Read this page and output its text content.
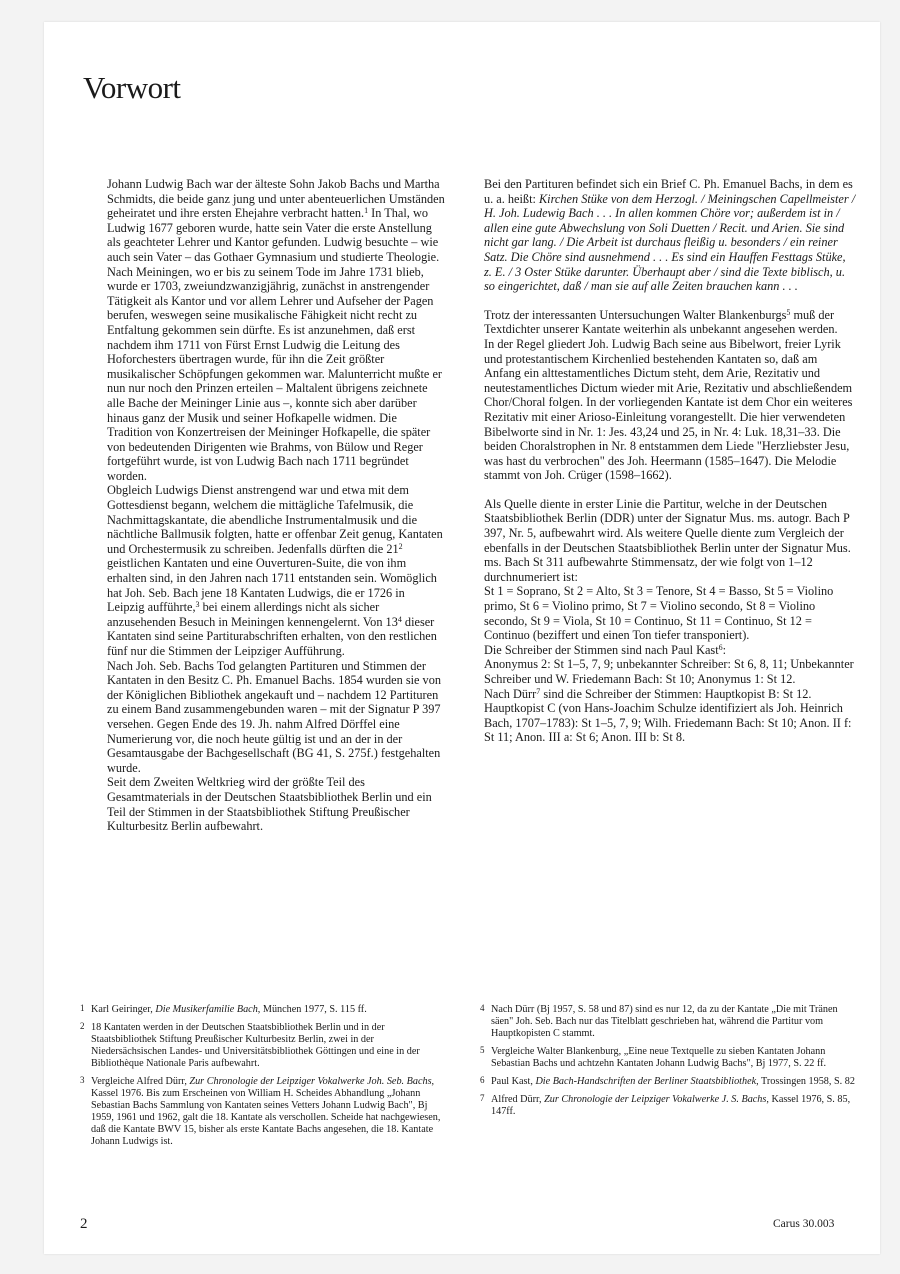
Vorwort

Johann Ludwig Bach war der älteste Sohn Jakob Bachs und Martha Schmidts, die beide ganz jung und unter abenteuerlichen Umständen geheiratet und ihre ersten Ehejahre verbracht hatten.$^1$ In Thal, wo Ludwig 1677 geboren wurde, hatte sein Vater die erste Anstellung als geachteter Lehrer und Kantor gefunden. Ludwig besuchte – wie auch sein Vater – das Gothaer Gymnasium und studierte Theologie. Nach Meiningen, wo er bis zu seinem Tode im Jahre 1731 blieb, wurde er 1703, zweiundzwanzigjährig, zunächst in anstrengender Tätigkeit als Kantor und vor allem Lehrer und Aufseher der Pagen berufen, weswegen seine musikalische Fähigkeit nicht recht zu Entfaltung gekommen sein dürfte. Es ist anzunehmen, daß erst nachdem ihm 1711 von Fürst Ernst Ludwig die Leitung des Hoforchesters übertragen wurde, für ihn die Zeit größter musikalischer Schöpfungen gekommen war. Malunterricht mußte er nun nur noch den Prinzen erteilen – Maltalent übrigens zeichnete alle Bache der Meininger Linie aus –, konnte sich aber darüber hinaus ganz der Musik und seiner Hofkapelle widmen. Die Tradition von Konzertreisen der Meininger Hofkapelle, die später von bedeutenden Dirigenten wie Brahms, von Bülow und Reger fortgeführt wurde, ist von Ludwig Bach nach 1711 begründet worden.

Obgleich Ludwigs Dienst anstrengend war und etwa mit dem Gottesdienst begann, welchem die mittägliche Tafelmusik, die Nachmittagskantate, die abendliche Instrumentalmusik und die nächtliche Ballmusik folgten, hatte er offenbar Zeit genug, Kantaten und Orchestermusik zu schreiben. Jedenfalls dürften die $21^2$ geistlichen Kantaten und eine Ouverturen-Suite, die von ihm erhalten sind, in den Jahren nach 1711 entstanden sein. Womöglich hat Joh. Seb. Bach jene 18 Kantaten Ludwigs, die er 1726 in Leipzig aufführte,$^3$ bei einem allerdings nicht als sicher anzusehenden Besuch in Meiningen kennengelernt. Von $13^4$ dieser Kantaten sind seine Partiturabschriften erhalten, von den restlichen fünf nur die Stimmen der Leipziger Aufführung.

Nach Joh. Seb. Bachs Tod gelangten Partituren und Stimmen der Kantaten in den Besitz C. Ph. Emanuel Bachs. 1854 wurden sie von der Königlichen Bibliothek angekauft und – nachdem 12 Partituren zu einem Band zusammengebunden waren – mit der Signatur P 397 versehen. Gegen Ende des 19. Jh. nahm Alfred Dörffel eine Numerierung vor, die noch heute gültig ist und an der in der Gesamtausgabe der Bachgesellschaft (BG 41, S. 275f.) festgehalten wurde.

Seit dem Zweiten Weltkrieg wird der größte Teil des Gesamtmaterials in der Deutschen Staatsbibliothek Berlin und ein Teil der Stimmen in der Staatsbibliothek Stiftung Preußischer Kulturbesitz Berlin aufbewahrt.

Bei den Partituren befindet sich ein Brief C. Ph. Emanuel Bachs, in dem es u. a. heißt: Kirchen Stüke von dem Herzogl. / Meiningschen Capellmeister / H. Joh. Ludewig Bach . . . In allen kommen Chöre vor; außerdem ist in / allen eine gute Abwechslung von Soli Duetten / Recit. und Arien. Sie sind nicht gar lang. / Die Arbeit ist durchaus fleißig u. besonders / ein reiner Satz. Die Chöre sind ausnehmend . . . Es sind ein Hauffen Festtags Stüke, z. E. / 3 Oster Stüke darunter. Überhaupt aber / sind die Texte biblisch, u. so eingerichtet, daß / man sie auf alle Zeiten brauchen kann . . .

Trotz der interessanten Untersuchungen Walter Blankenburgs$^5$ muß der Textdichter unserer Kantate weiterhin als unbekannt angesehen werden.

In der Regel gliedert Joh. Ludwig Bach seine aus Bibelwort, freier Lyrik und protestantischem Kirchenlied bestehenden Kantaten so, daß am Anfang ein alttestamentliches Dictum steht, dem Arie, Rezitativ und neutestamentliches Dictum wieder mit Arie, Rezitativ und abschließendem Chor/Choral folgen. In der vorliegenden Kantate ist dem Chor ein weiteres Rezitativ mit einer Arioso-Einleitung vorangestellt. Die hier verwendeten Bibelworte sind in Nr. 1: Jes. 43,24 und 25, in Nr. 4: Luk. 18,31–33. Die beiden Choralstrophen in Nr. 8 entstammen dem Liede "Herzliebster Jesu, was hast du verbrochen" des Joh. Heermann (1585–1647). Die Melodie stammt von Joh. Crüger (1598–1662).

Als Quelle diente in erster Linie die Partitur, welche in der Deutschen Staatsbibliothek Berlin (DDR) unter der Signatur Mus. ms. autogr. Bach P 397, Nr. 5, aufbewahrt wird. Als weitere Quelle diente zum Vergleich der ebenfalls in der Deutschen Staatsbibliothek Berlin unter der Signatur Mus. ms. Bach St 311 aufbewahrte Stimmensatz, der wie folgt von 1–12 durchnumeriert ist:

St 1 = Soprano, St 2 = Alto, St 3 = Tenore, St 4 = Basso, St 5 = Violino primo, St 6 = Violino primo, St 7 = Violino secondo, St 8 = Violino secondo, St 9 = Viola, St 10 = Continuo, St 11 = Continuo, St 12 = Continuo (beziffert und einen Ton tiefer transponiert).

Die Schreiber der Stimmen sind nach Paul Kast$^6$:

Anonymus 2: St 1–5, 7, 9; unbekannter Schreiber: St 6, 8, 11; Unbekannter Schreiber und W. Friedemann Bach: St 10; Anonymus 1: St 12.

Nach Dürr$^7$ sind die Schreiber der Stimmen: Hauptkopist B: St 12. Hauptkopist C (von Hans-Joachim Schulze identifiziert als Joh. Heinrich Bach, 1707–1783): St 1–5, 7, 9; Wilh. Friedemann Bach: St 10; Anon. II f: St 11; Anon. III a: St 6; Anon. III b: St 8.

1 Karl Geiringer, Die Musikerfamilie Bach, München 1977, S. 115 ff.
2 18 Kantaten werden in der Deutschen Staatsbibliothek Berlin und in der Staatsbibliothek Stiftung Preußischer Kulturbesitz Berlin, zwei in der Niedersächsischen Landes- und Universitätsbibliothek Göttingen und eine in der Bibliothèque Nationale Paris aufbewahrt.
3 Vergleiche Alfred Dürr, Zur Chronologie der Leipziger Vokalwerke Joh. Seb. Bachs, Kassel 1976. Bis zum Erscheinen von William H. Scheides Abhandlung „Johann Sebastian Bachs Sammlung von Kantaten seines Vetters Johann Ludwig Bach", Bj 1959, 1961 und 1962, galt die 18. Kantate als verschollen. Scheide hat nachgewiesen, daß die Kantate BWV 15, bisher als erste Kantate Bachs angesehen, die 18. Kantate Johann Ludwigs ist.
4 Nach Dürr (Bj 1957, S. 58 und 87) sind es nur 12, da zu der Kantate „Die mit Tränen säen" Joh. Seb. Bach nur das Titelblatt geschrieben hat, während die Partitur vom Hauptkopisten C stammt.
5 Vergleiche Walter Blankenburg, „Eine neue Textquelle zu sieben Kantaten Johann Sebastian Bachs und achtzehn Kantaten Johann Ludwig Bachs", Bj 1977, S. 22 ff.
6 Paul Kast, Die Bach-Handschriften der Berliner Staatsbibliothek, Trossingen 1958, S. 82
7 Alfred Dürr, Zur Chronologie der Leipziger Vokalwerke J. S. Bachs, Kassel 1976, S. 85, 147ff.
2	Carus 30.003
